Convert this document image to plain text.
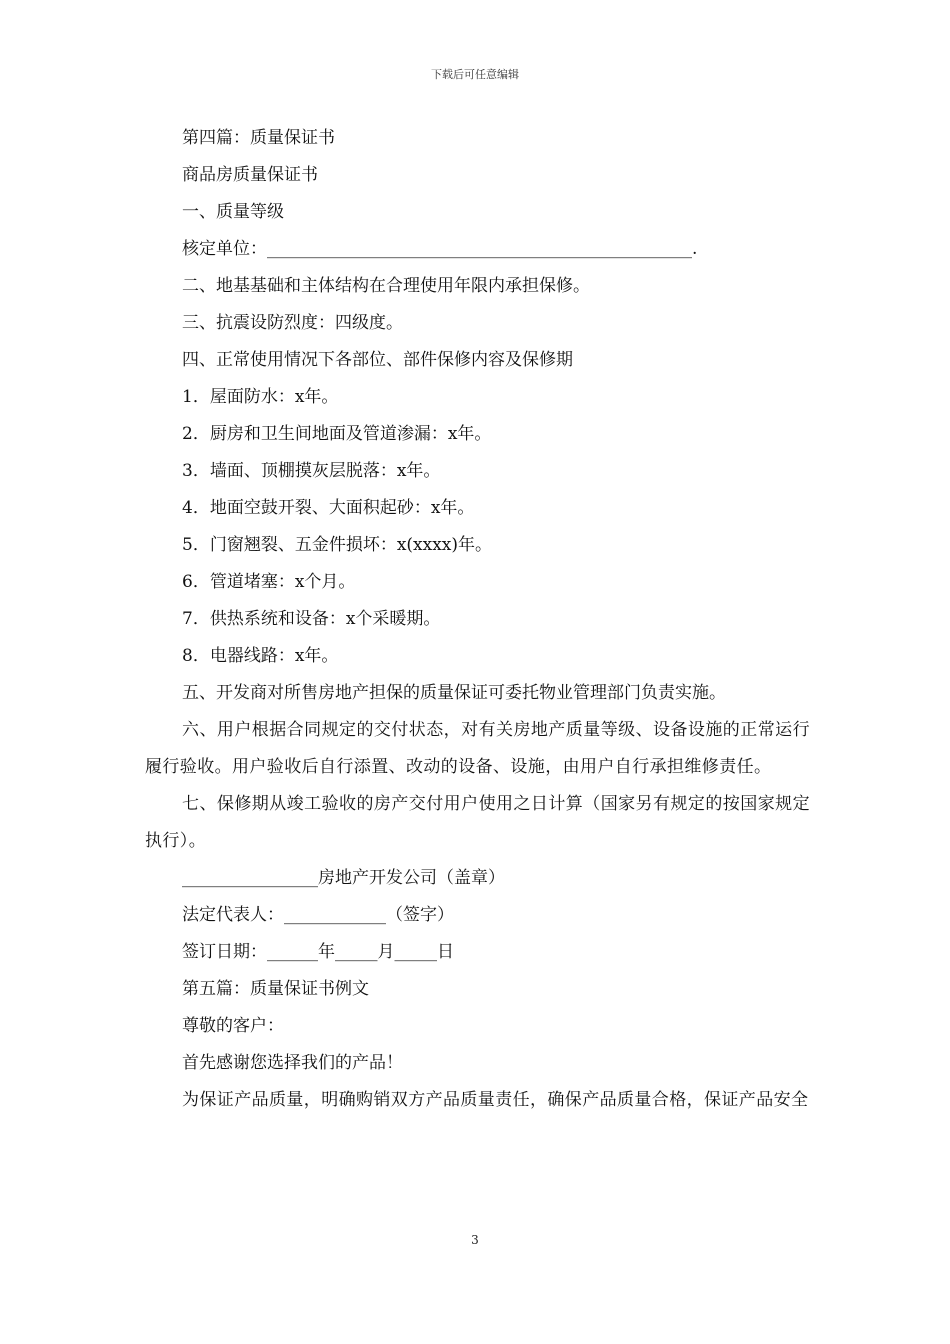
下载后可任意编辑
第四篇：质量保证书
商品房质量保证书
一、质量等级
核定单位：__________________________________________________.
二、地基基础和主体结构在合理使用年限内承担保修。
三、抗震设防烈度：四级度。
四、正常使用情况下各部位、部件保修内容及保修期
1．屋面防水：x年。
2．厨房和卫生间地面及管道渗漏：x年。
3．墙面、顶棚摸灰层脱落：x年。
4．地面空鼓开裂、大面积起砂：x年。
5．门窗翘裂、五金件损坏：x(xxxx)年。
6．管道堵塞：x个月。
7．供热系统和设备：x个采暖期。
8．电器线路：x年。
五、开发商对所售房地产担保的质量保证可委托物业管理部门负责实施。
六、用户根据合同规定的交付状态，对有关房地产质量等级、设备设施的正常运行履行验收。用户验收后自行添置、改动的设备、设施，由用户自行承担维修责任。
七、保修期从竣工验收的房产交付用户使用之日计算（国家另有规定的按国家规定执行）。
________________房地产开发公司（盖章）
法定代表人：____________（签字）
签订日期：______年_____月_____日
第五篇：质量保证书例文
尊敬的客户：
首先感谢您选择我们的产品！
为保证产品质量，明确购销双方产品质量责任，确保产品质量合格，保证产品安全
3
